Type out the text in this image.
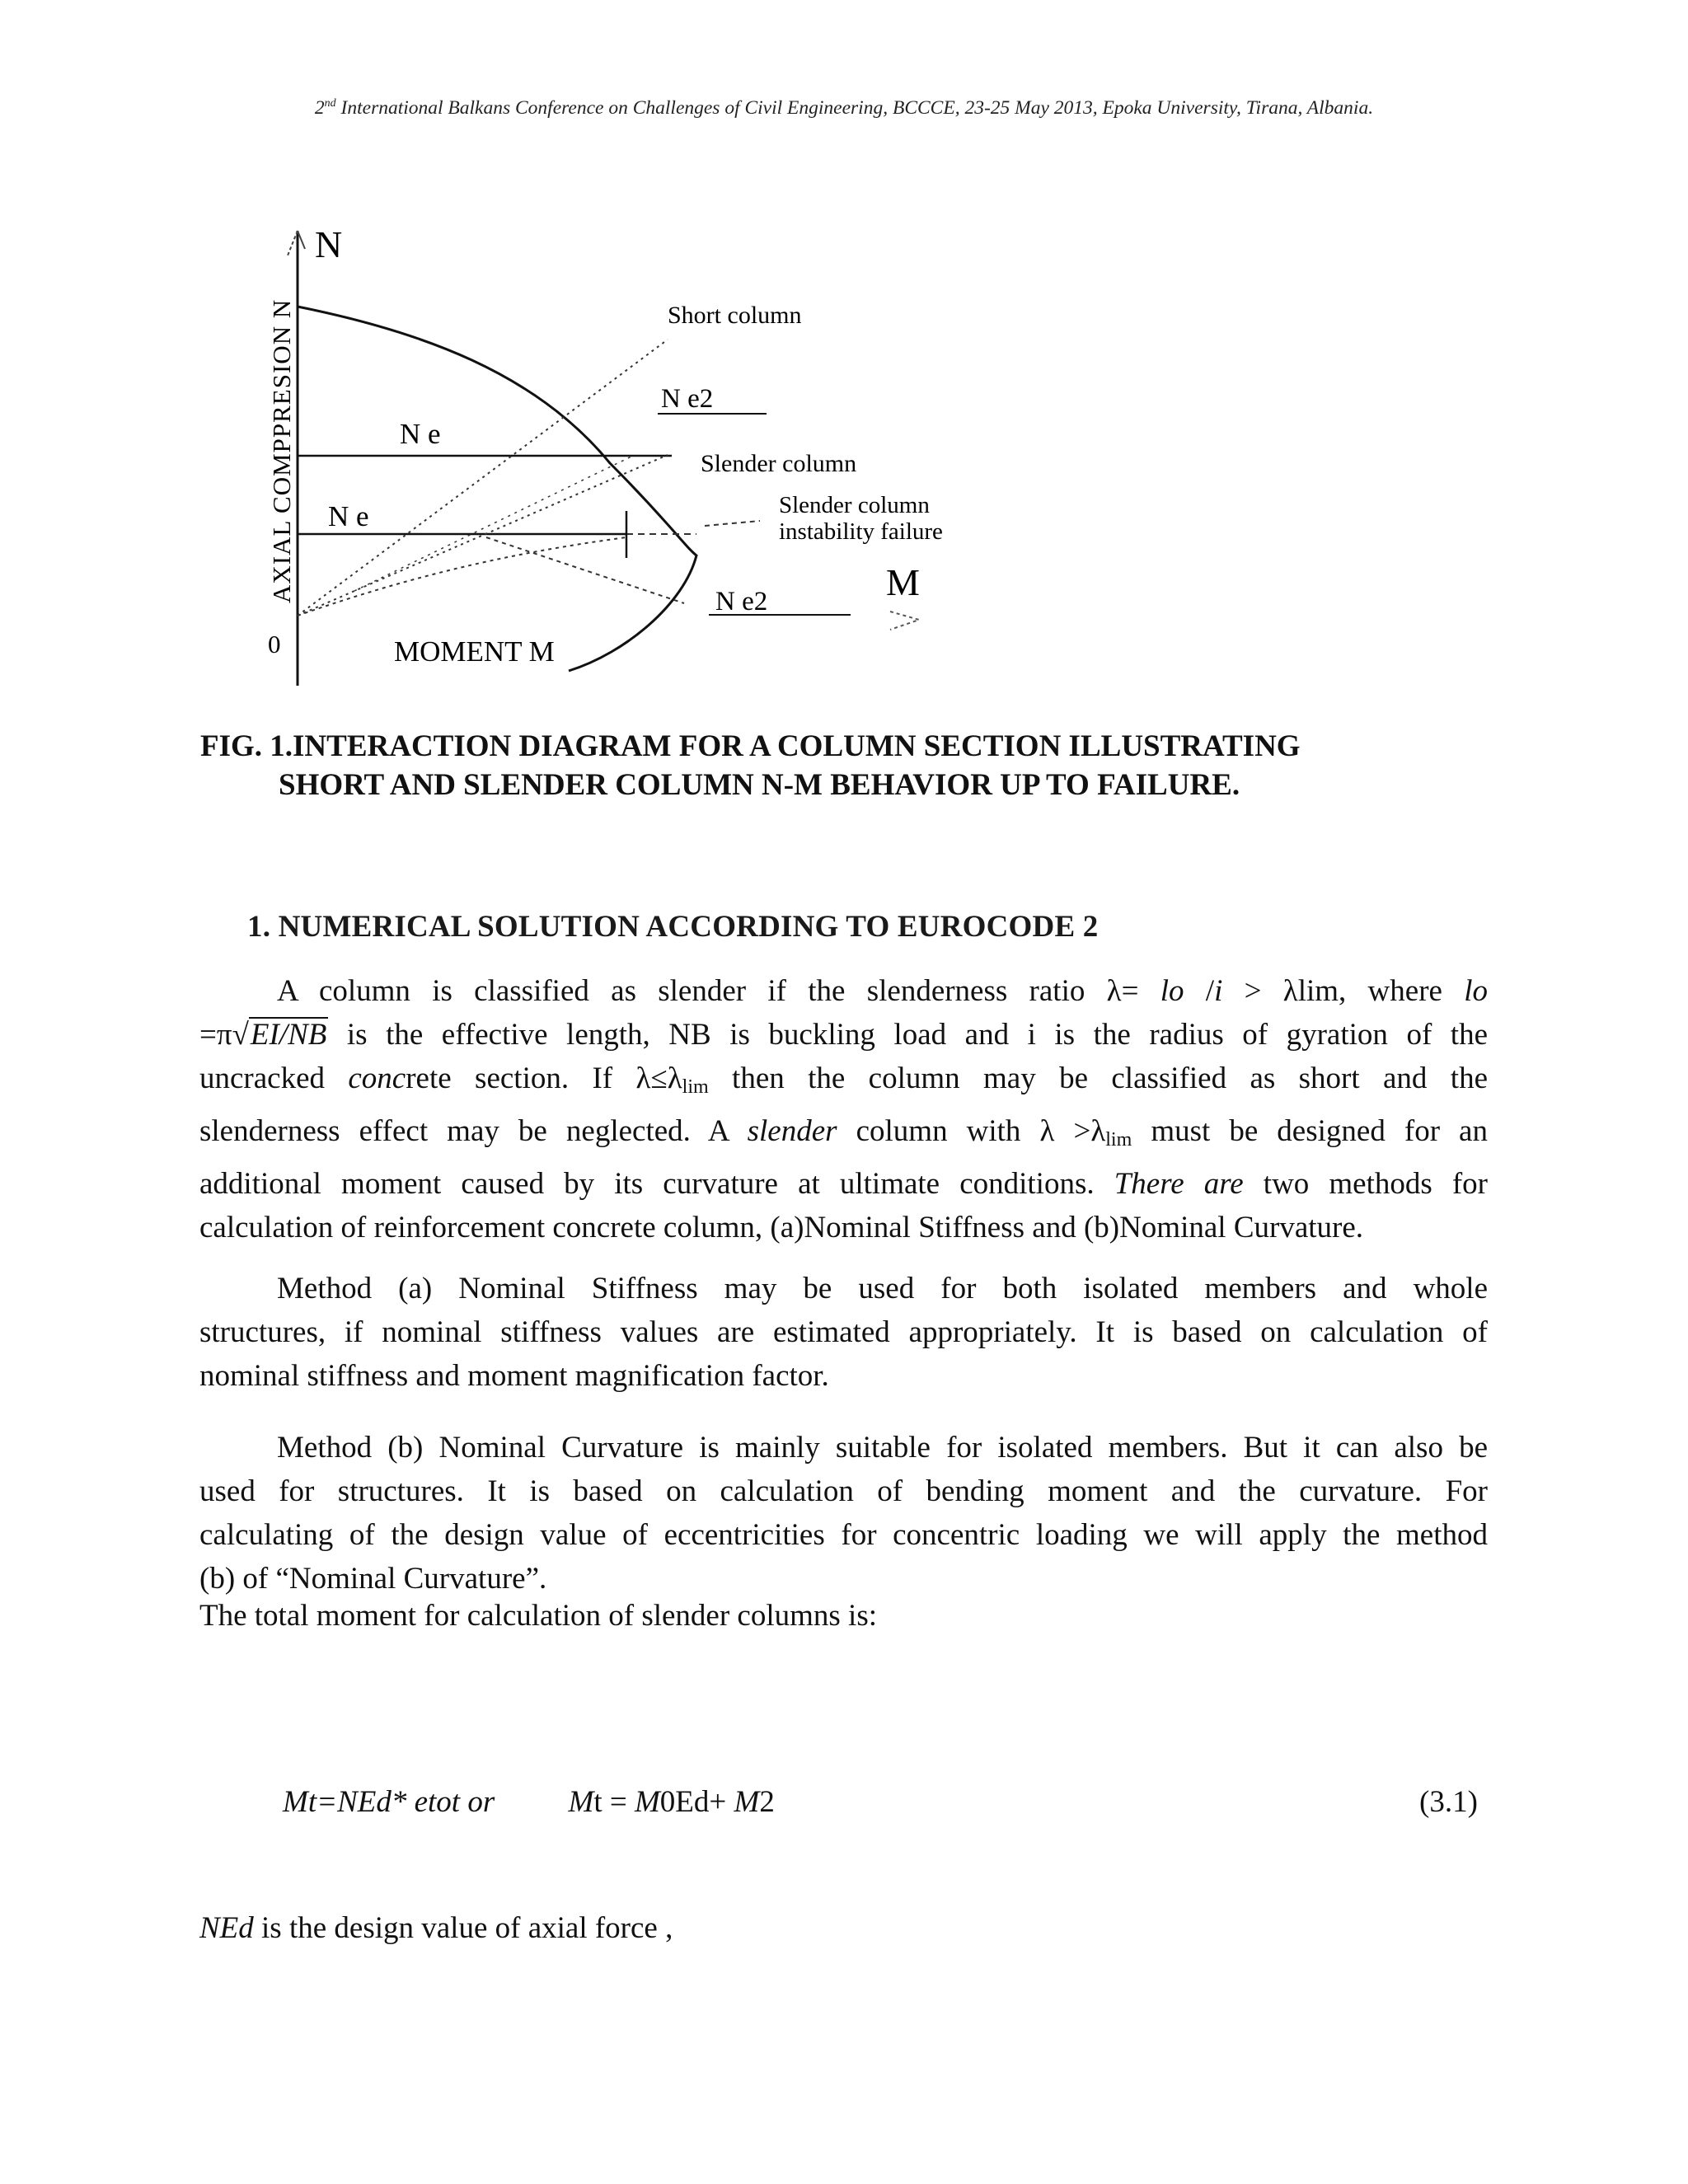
2nd International Balkans Conference on Challenges of Civil Engineering, BCCCE, 23-25 May 2013, Epoka University, Tirana, Albania.
N
AXIAL COMPPRESION N
0	MOMENT M
M
Short column
N e2
N e
Slender column
N e	Slender column
instability failure
N e2
FIG. 1.INTERACTION DIAGRAM FOR A COLUMN SECTION ILLUSTRATING
SHORT AND SLENDER COLUMN N-M BEHAVIOR UP TO FAILURE.
1. NUMERICAL SOLUTION ACCORDING TO EUROCODE 2

A column is classified as slender if the slenderness ratio λ= lo /i > λlim, where lo

=π√EI/NB is the effective length, NB is buckling load and i is the radius of gyration of the

uncracked concrete section. If $\lambda\le\lambda_{lim}$ then the column may be classified as short and the

slenderness effect may be neglected. A slender column with $\lambda >\lambda_{lim}$ must be designed for an

additional moment caused by its curvature at ultimate conditions. There are two methods for

calculation of reinforcement concrete column, (a)Nominal Stiffness and (b)Nominal Curvature.

Method (a) Nominal Stiffness may be used for both isolated members and whole

structures, if nominal stiffness values are estimated appropriately. It is based on calculation of

nominal stiffness and moment magnification factor.

Method (b) Nominal Curvature is mainly suitable for isolated members. But it can also be

used for structures. It is based on calculation of bending moment and the curvature. For

calculating of the design value of eccentricities for concentric loading we will apply the method

(b) of “Nominal Curvature”.

The total moment for calculation of slender columns is:

Mt=NEd* etot or Mt = M0Ed+ M2	(3.1)

NEd is the design value of axial force ,
